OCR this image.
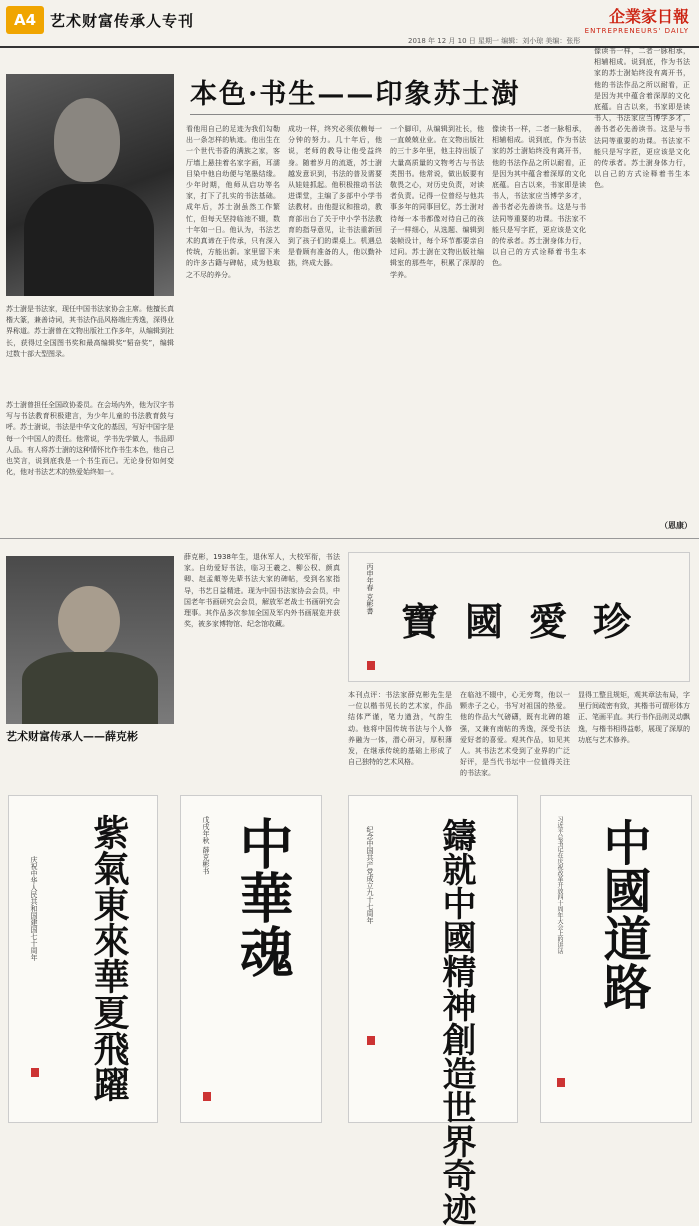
A4 艺术财富传承人专刊	企業家日報
ENTREPRENEURS' DAILY
2018 年 12 月 10 日 星期一 编辑：刘小琼 美编：张彤
本色·书生——印象苏士澍
苏士澍是书法家，现任中国书法家协会主席。他擅长真楷大篆，兼善诗词，其书法作品风格端庄秀逸，深得业界称道。苏士澍曾在文物出版社工作多年，从编辑到社长，获得过全国图书奖和最高编辑奖“韬奋奖”，编辑过数十部大型图录。
苏士澍曾担任全国政协委员。在会场内外，他为汉字书写与书法教育积极建言，为少年儿童的书法教育鼓与呼。苏士澍说，书法是中华文化的基因，写好中国字是每一个中国人的责任。他常说，学书先学做人，书品即人品。有人将苏士澍的这种情怀比作书生本色，他自己也笑言，说到底我是一个书生而已。无论身份如何变化，他对书法艺术的热爱始终如一。
看他用自己的足迹为我们勾勒出一条怎样的轨迹。他出生在一个世代书香的满族之家，客厅墙上悬挂着名家字画，耳濡目染中他自幼便与笔墨结缘。少年时期，他师从启功等名家，打下了扎实的书法基础。成年后，苏士澍虽然工作繁忙，但每天坚持临池不辍，数十年如一日。他认为，书法艺术的真谛在于传承，只有深入传统，方能出新。家里留下来的许多古籍与碑帖，成为他取之不尽的养分。
成功一样，终究必须依赖每一分钟的努力。几十年后，他说，老师的教导让他受益终身。随着岁月的流逝，苏士澍越发意识到，书法的普及需要从娃娃抓起。他积极推动书法进课堂，主编了多部中小学书法教材。由他提议和推动，教育部出台了关于中小学书法教育的指导意见，让书法重新回到了孩子们的课桌上。机遇总是眷顾有准备的人，他以勤补拙，终成大器。
一个脚印，从编辑到社长，他一直兢兢业业。在文物出版社的三十多年里，他主持出版了大量高质量的文物考古与书法类图书。他常说，做出版要有敬畏之心，对历史负责，对读者负责。记得一位曾经与他共事多年的同事回忆，苏士澍对待每一本书都像对待自己的孩子一样细心，从选题、编辑到装帧设计，每个环节都要亲自过问。苏士澍在文物出版社编辑室的那些年，积累了深厚的学养。
像读书一样，二者一脉相承，相辅相成。说到底，作为书法家的苏士澍始终没有离开书，他的书法作品之所以耐看，正是因为其中蕴含着深厚的文化底蕴。自古以来，书家即是读书人，书法家应当博学多才，善书者必先善读书。这是与书法同等重要的功课。书法家不能只是写字匠，更应该是文化的传承者。苏士澍身体力行，以自己的方式诠释着书生本色。
像读书一样，二者一脉相承，相辅相成。说到底，作为书法家的苏士澍始终没有离开书，他的书法作品之所以耐看，正是因为其中蕴含着深厚的文化底蕴。自古以来，书家即是读书人，书法家应当博学多才，善书者必先善读书。这是与书法同等重要的功课。书法家不能只是写字匠，更应该是文化的传承者。苏士澍身体力行，以自己的方式诠释着书生本色。
（恩康）
艺术财富传承人——薛克彬
薛克彬，1938年生，退休军人，大校军衔，书法家。自幼爱好书法，临习王羲之、柳公权、颜真卿、赵孟頫等先辈书法大家的碑帖，受到名家指导，书艺日益精进。现为中国书法家协会会员，中国老年书画研究会会员，解放军老战士书画研究会理事。其作品多次参加全国及军内外书画展览并获奖，被多家博物馆、纪念馆收藏。
本刊点评：书法家薛克彬先生是一位以楷书见长的艺术家，作品结体严谨，笔力遒劲，气韵生动。他将中国传统书法与个人修养融为一体，潜心研习，厚积薄发，在继承传统的基础上形成了自己独特的艺术风格。
在临池不辍中，心无旁骛，他以一颗赤子之心，书写对祖国的热爱。他的作品大气磅礴，既有北碑的雄强，又兼有南帖的秀逸，深受书法爱好者的喜爱。观其作品，如见其人。其书法艺术受到了业界的广泛好评，是当代书坛中一位值得关注的书法家。
显得工整且规矩，观其章法布局，字里行间疏密有致，其楷书可谓形体方正、笔画平直。其行书作品则灵动飘逸，与楷书相得益彰，展现了深厚的功底与艺术修养。
丙申年春 克彬書
寶國愛珍
紫氣東來華夏飛躍
庆祝中华人民共和国建国七十周年	中華魂
戊戌年秋 薛克彬书	鑄就中國精神創造世界奇迹
纪念中国共产党成立九十七周年	中國道路
习近平总书记在庆祝改革开放四十周年大会上的讲话
